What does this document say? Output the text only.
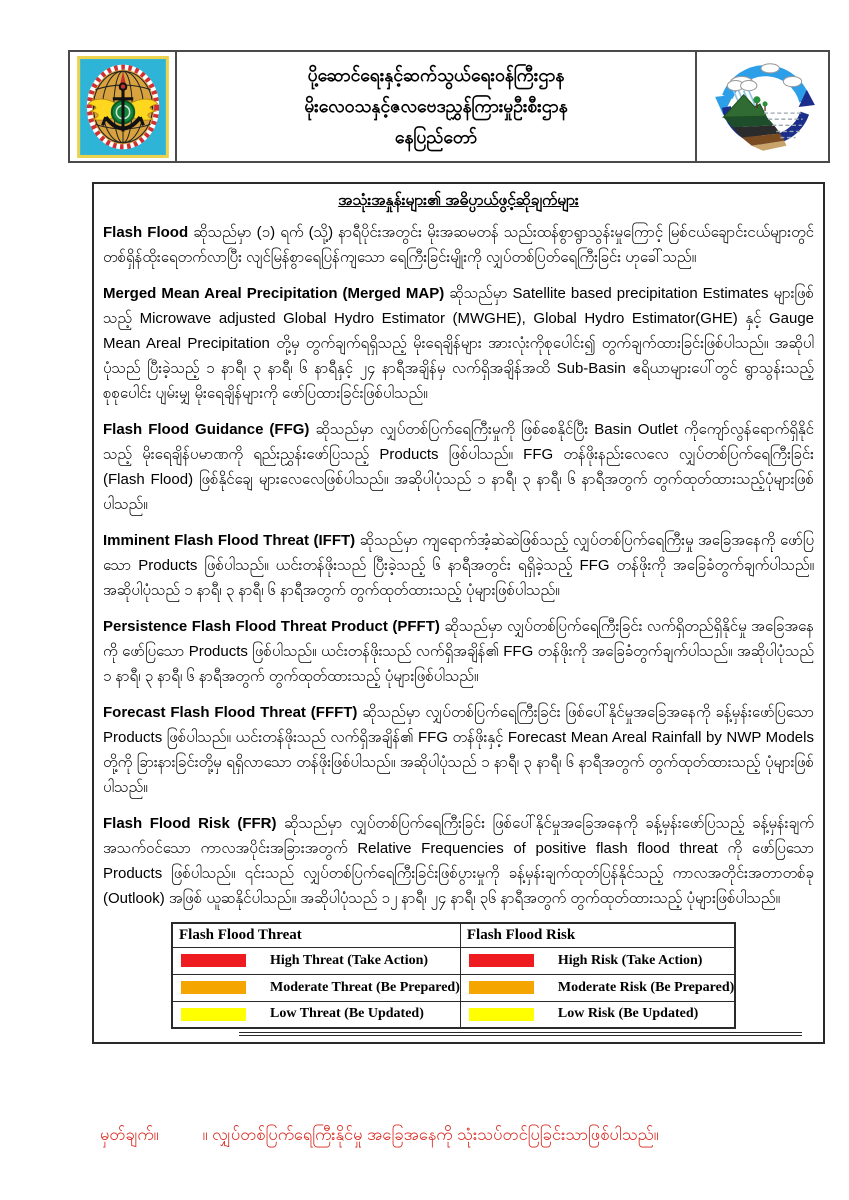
ပို့ဆောင်ရေးနှင့်ဆက်သွယ်ရေးဝန်ကြီးဌာန
မိုးလေဝသနှင့်ဇလဗေဒညွှန်ကြားမှုဦးစီးဌာန
နေပြည်တော်
အသုံးအနှုန်းများ၏ အဓိပ္ပာယ်ဖွင့်ဆိုချက်များ

Flash Flood ဆိုသည်မှာ (၁) ရက် (သို့) နာရီပိုင်းအတွင်း မိုးအဆမတန် သည်းထန်စွာရွာသွန်းမှုကြောင့် မြစ်ငယ်ချောင်းငယ်များတွင် တစ်ရှိန်ထိုးရေတက်လာပြီး လျင်မြန်စွာရေပြန်ကျသော ရေကြီးခြင်းမျိုးကို လျှပ်တစ်ပြတ်ရေကြီးခြင်း ဟုခေါ်သည်။

Merged Mean Areal Precipitation (Merged MAP) ဆိုသည်မှာ Satellite based precipitation Estimates များဖြစ်သည့် Microwave adjusted Global Hydro Estimator (MWGHE), Global Hydro Estimator(GHE) နှင့် Gauge Mean Areal Precipitation တို့မှ တွက်ချက်ရရှိသည့် မိုးရေချိန်များ အားလုံးကိုစုပေါင်း၍ တွက်ချက်ထားခြင်းဖြစ်ပါသည်။ အဆိုပါပုံသည် ပြီးခဲ့သည့် ၁ နာရီ၊ ၃ နာရီ၊ ၆ နာရီနှင့် ၂၄ နာရီအချိန်မှ လက်ရှိအချိန်အထိ Sub-Basin ဧရိယာများပေါ်တွင် ရွာသွန်းသည့် စုစုပေါင်း ပျမ်းမျှ မိုးရေချိန်များကို ဖော်ပြထားခြင်းဖြစ်ပါသည်။

Flash Flood Guidance (FFG) ဆိုသည်မှာ လျှပ်တစ်ပြက်ရေကြီးမှုကို ဖြစ်စေနိုင်ပြီး Basin Outlet ကိုကျော်လွန်ရောက်ရှိနိုင်သည့် မိုးရေချိန်ပမာဏကို ရည်းညွှန်းဖော်ပြသည့် Products ဖြစ်ပါသည်။ FFG တန်ဖိုးနည်းလေလေ လျှပ်တစ်ပြက်ရေကြီးခြင်း (Flash Flood) ဖြစ်နိုင်ချေ များလေလေဖြစ်ပါသည်။ အဆိုပါပုံသည် ၁ နာရီ၊ ၃ နာရီ၊ ၆ နာရီအတွက် တွက်ထုတ်ထားသည့်ပုံများဖြစ်ပါသည်။

Imminent Flash Flood Threat (IFFT) ဆိုသည်မှာ ကျရောက်အံ့ဆဲဆဲဖြစ်သည့် လျှပ်တစ်ပြက်ရေကြီးမှု အခြေအနေကို ဖော်ပြသော Products ဖြစ်ပါသည်။ ယင်းတန်ဖိုးသည် ပြီးခဲ့သည့် ၆ နာရီအတွင်း ရရှိခဲ့သည့် FFG တန်ဖိုးကို အခြေခံတွက်ချက်ပါသည်။ အဆိုပါပုံသည် ၁ နာရီ၊ ၃ နာရီ၊ ၆ နာရီအတွက် တွက်ထုတ်ထားသည့် ပုံများဖြစ်ပါသည်။

Persistence Flash Flood Threat Product (PFFT) ဆိုသည်မှာ လျှပ်တစ်ပြက်ရေကြီးခြင်း လက်ရှိတည်ရှိနိုင်မှု အခြေအနေကို ဖော်ပြသော Products ဖြစ်ပါသည်။ ယင်းတန်ဖိုးသည် လက်ရှိအချိန်၏ FFG တန်ဖိုးကို အခြေခံတွက်ချက်ပါသည်။ အဆိုပါပုံသည် ၁ နာရီ၊ ၃ နာရီ၊ ၆ နာရီအတွက် တွက်ထုတ်ထားသည့် ပုံများဖြစ်ပါသည်။

Forecast Flash Flood Threat (FFFT) ဆိုသည်မှာ လျှပ်တစ်ပြက်ရေကြီးခြင်း ဖြစ်ပေါ်နိုင်မှုအခြေအနေကို ခန့်မှန်းဖော်ပြသော Products ဖြစ်ပါသည်။ ယင်းတန်ဖိုးသည် လက်ရှိအချိန်၏ FFG တန်ဖိုးနှင့် Forecast Mean Areal Rainfall by NWP Models တို့ကို ခြားနားခြင်းတို့မှ ရရှိလာသော တန်ဖိုးဖြစ်ပါသည်။ အဆိုပါပုံသည် ၁ နာရီ၊ ၃ နာရီ၊ ၆ နာရီအတွက် တွက်ထုတ်ထားသည့် ပုံများဖြစ်ပါသည်။

Flash Flood Risk (FFR) ဆိုသည်မှာ လျှပ်တစ်ပြက်ရေကြီးခြင်း ဖြစ်ပေါ်နိုင်မှုအခြေအနေကို ခန့်မှန်းဖော်ပြသည့် ခန့်မှန်းချက် အသက်ဝင်သော ကာလအပိုင်းအခြားအတွက် Relative Frequencies of positive flash flood threat ကို ဖော်ပြသော Products ဖြစ်ပါသည်။ ၎င်းသည် လျှပ်တစ်ပြက်ရေကြီးခြင်းဖြစ်ပွားမှုကို ခန့်မှန်းချက်ထုတ်ပြန်နိုင်သည့် ကာလအတိုင်းအတာတစ်ခု (Outlook) အဖြစ် ယူဆနိုင်ပါသည်။ အဆိုပါပုံသည် ၁၂ နာရီ၊ ၂၄ နာရီ၊ ၃၆ နာရီအတွက် တွက်ထုတ်ထားသည့် ပုံများဖြစ်ပါသည်။

Flash Flood Threat	Flash Flood Risk

High Threat (Take Action)	High Risk (Take Action)

Moderate Threat (Be Prepared)	Moderate Risk (Be Prepared)

Low Threat (Be Updated)	Low Risk (Be Updated)
မှတ်ချက်။	။ လျှပ်တစ်ပြက်ရေကြီးနိုင်မှု အခြေအနေကို သုံးသပ်တင်ပြခြင်းသာဖြစ်ပါသည်။
